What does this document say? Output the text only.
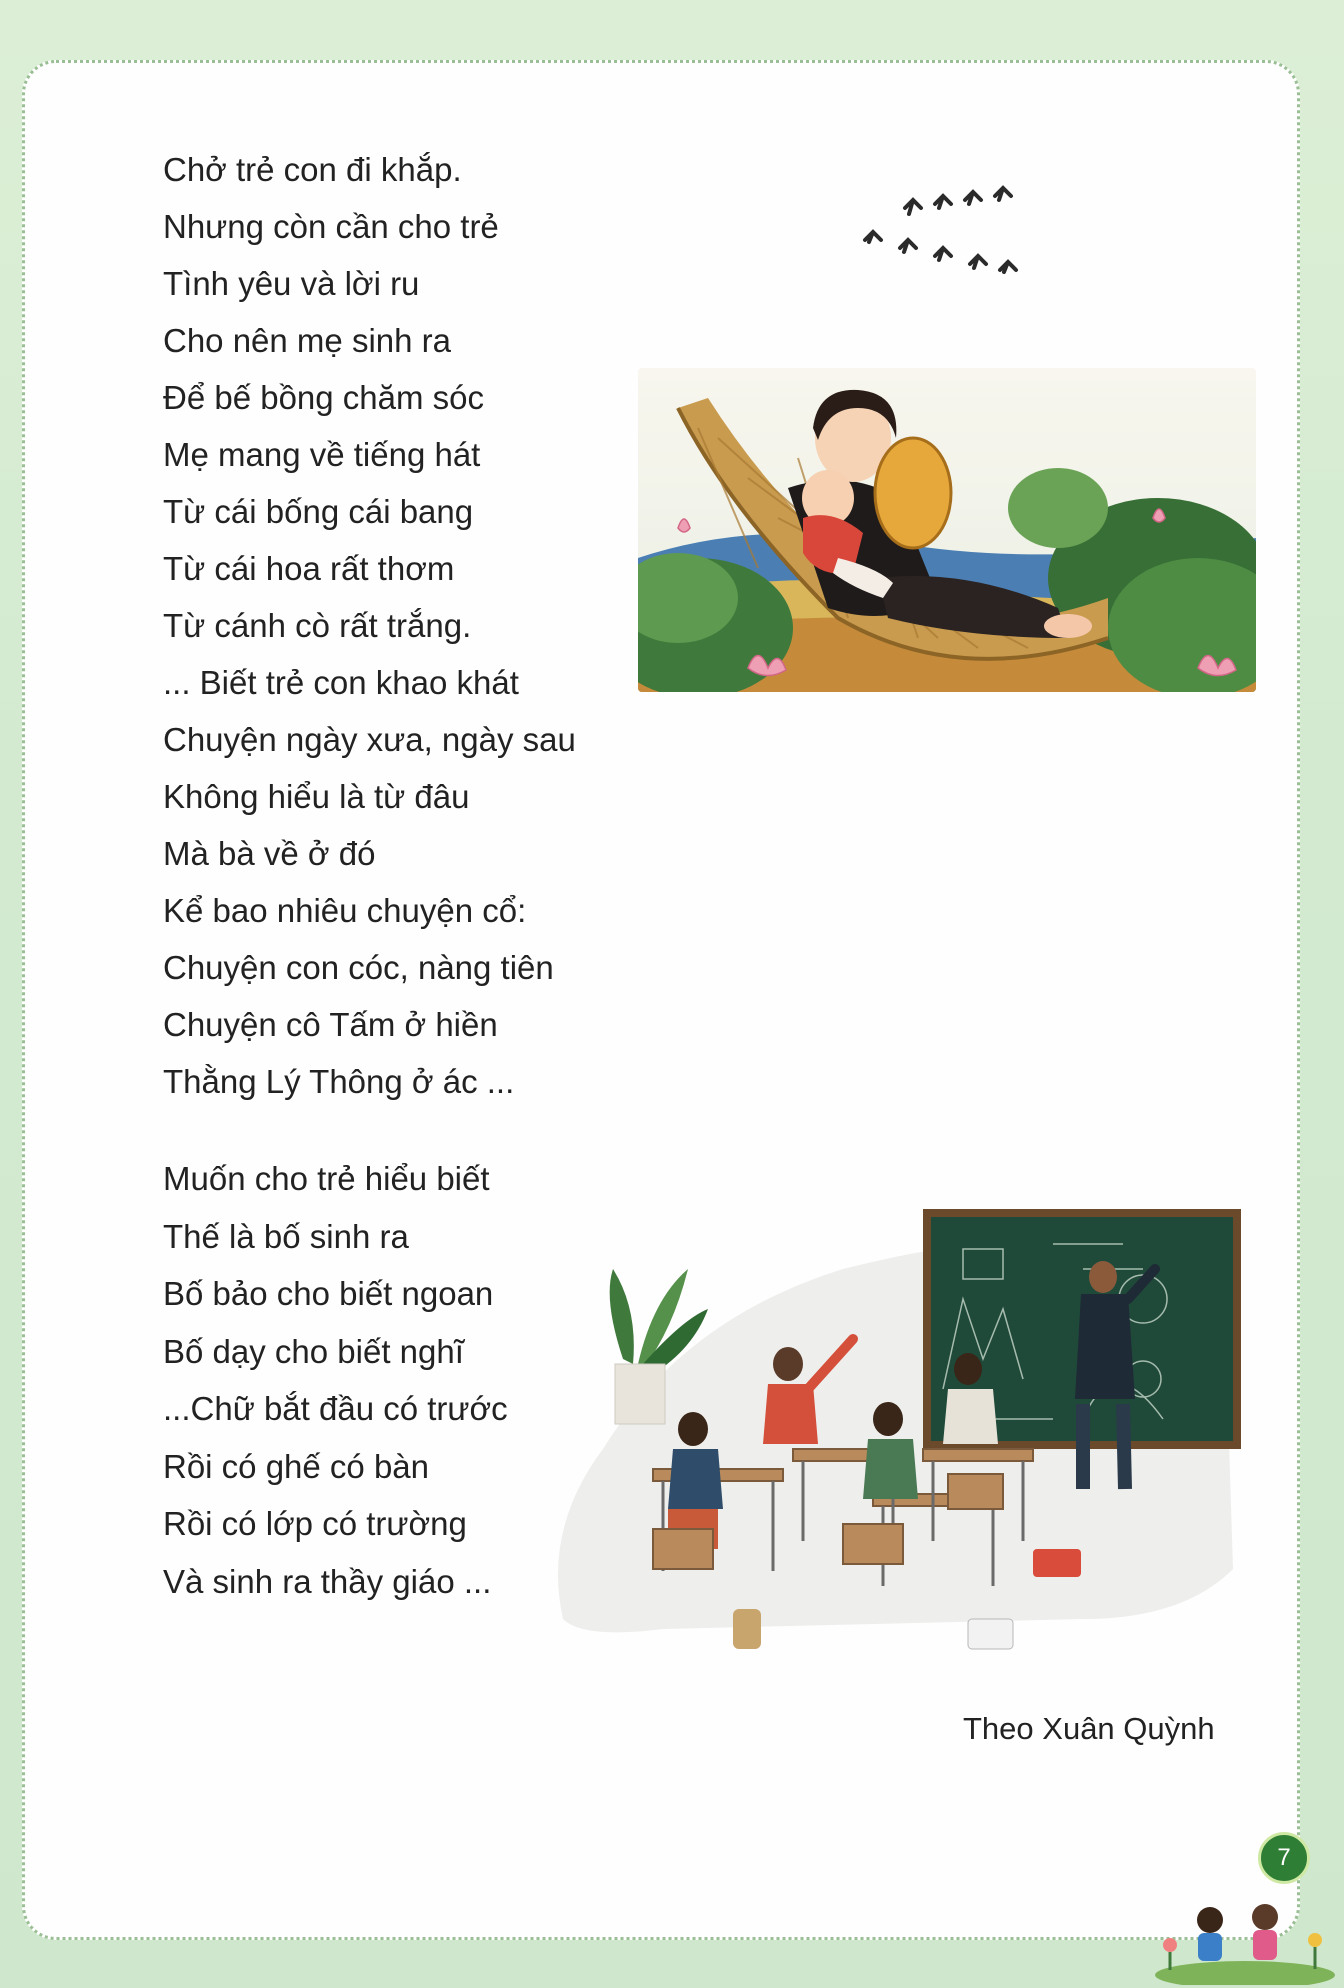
Chở trẻ con đi khắp.
Nhưng còn cần cho trẻ
Tình yêu và lời ru
Cho nên mẹ sinh ra
Để bế bồng chăm sóc
Mẹ mang về tiếng hát
Từ cái bống cái bang
Từ cái hoa rất thơm
Từ cánh cò rất trắng.
... Biết trẻ con khao khát
Chuyện ngày xưa, ngày sau
Không hiểu là từ đâu
Mà bà về ở đó
Kể bao nhiêu chuyện cổ:
Chuyện con cóc, nàng tiên
Chuyện cô Tấm ở hiền
Thằng Lý Thông ở ác ...
Muốn cho trẻ hiểu biết
Thế là bố sinh ra
Bố bảo cho biết ngoan
Bố dạy cho biết nghĩ
...Chữ bắt đầu có trước
Rồi có ghế có bàn
Rồi có lớp có trường
Và sinh ra thầy giáo ...
Theo Xuân Quỳnh
7
